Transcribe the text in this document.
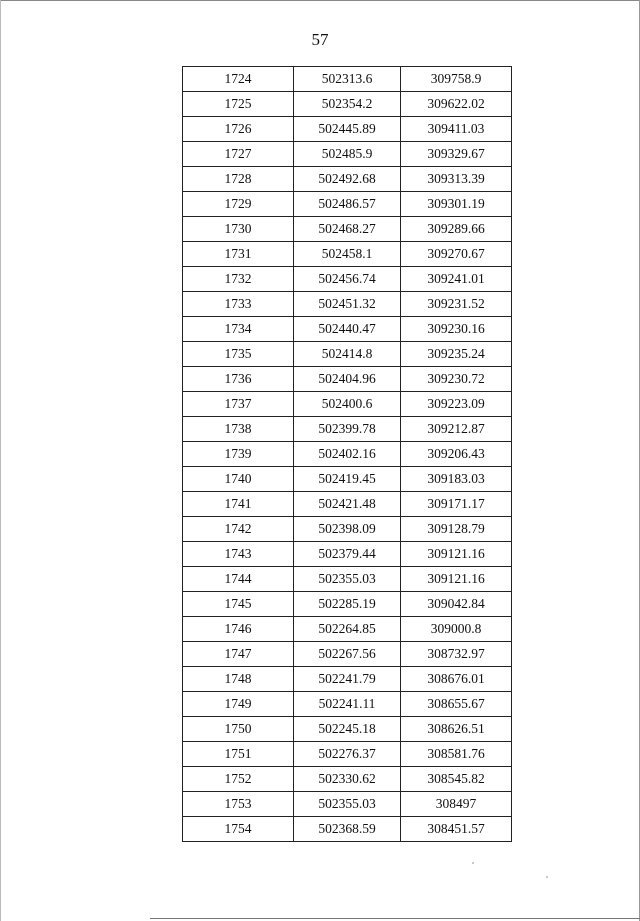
57
1724	502313.6	309758.9
1725	502354.2	309622.02
1726	502445.89	309411.03
1727	502485.9	309329.67
1728	502492.68	309313.39
1729	502486.57	309301.19
1730	502468.27	309289.66
1731	502458.1	309270.67
1732	502456.74	309241.01
1733	502451.32	309231.52
1734	502440.47	309230.16
1735	502414.8	309235.24
1736	502404.96	309230.72
1737	502400.6	309223.09
1738	502399.78	309212.87
1739	502402.16	309206.43
1740	502419.45	309183.03
1741	502421.48	309171.17
1742	502398.09	309128.79
1743	502379.44	309121.16
1744	502355.03	309121.16
1745	502285.19	309042.84
1746	502264.85	309000.8
1747	502267.56	308732.97
1748	502241.79	308676.01
1749	502241.11	308655.67
1750	502245.18	308626.51
1751	502276.37	308581.76
1752	502330.62	308545.82
1753	502355.03	308497
1754	502368.59	308451.57
